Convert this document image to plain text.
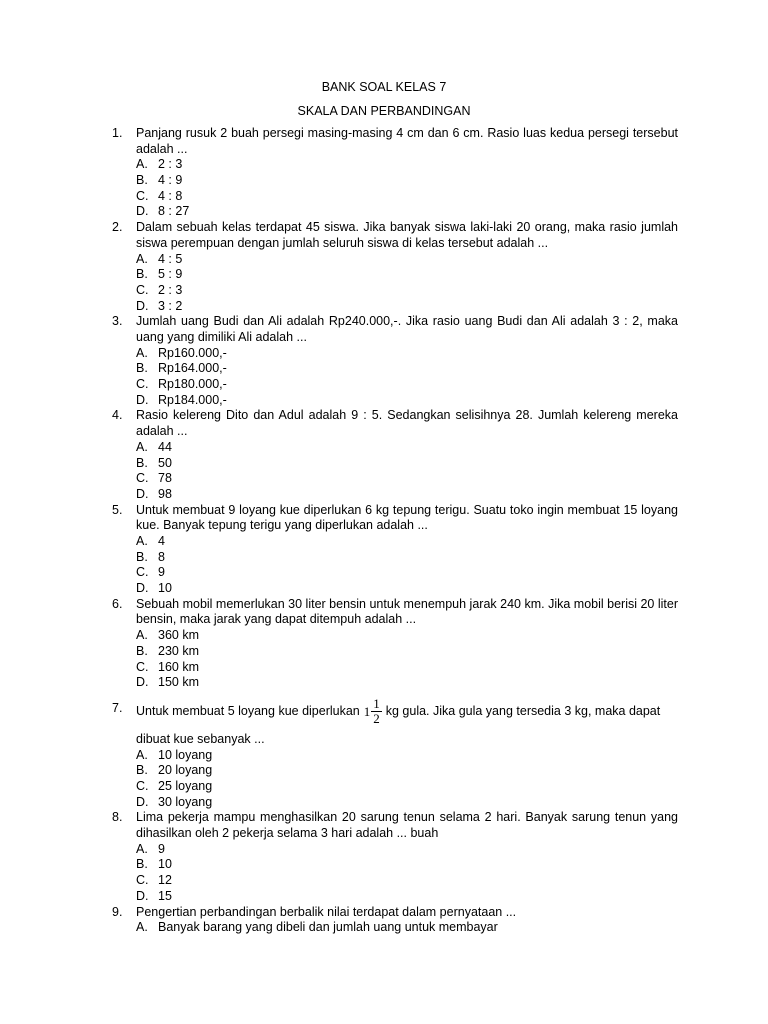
BANK SOAL KELAS 7
SKALA DAN PERBANDINGAN
1.	Panjang rusuk 2 buah persegi masing-masing 4 cm dan 6 cm. Rasio luas kedua persegi tersebut adalah ...
A. 2 : 3
B. 4 : 9
C. 4 : 8
D. 8 : 27
2.	Dalam sebuah kelas terdapat 45 siswa. Jika banyak siswa laki-laki 20 orang, maka rasio jumlah siswa perempuan dengan jumlah seluruh siswa di kelas tersebut adalah ...
A. 4 : 5
B. 5 : 9
C. 2 : 3
D. 3 : 2
3.	Jumlah uang Budi dan Ali adalah Rp240.000,-. Jika rasio uang Budi dan Ali adalah 3 : 2, maka uang yang dimiliki Ali adalah ...
A. Rp160.000,-
B. Rp164.000,-
C. Rp180.000,-
D. Rp184.000,-
4.	Rasio kelereng Dito dan Adul adalah 9 : 5. Sedangkan selisihnya 28. Jumlah kelereng mereka adalah ...
A. 44
B. 50
C. 78
D. 98
5.	Untuk membuat 9 loyang kue diperlukan 6 kg tepung terigu. Suatu toko ingin membuat 15 loyang kue. Banyak tepung terigu yang diperlukan adalah ...
A. 4
B. 8
C. 9
D. 10
6.	Sebuah mobil memerlukan 30 liter bensin untuk menempuh jarak 240 km. Jika mobil berisi 20 liter bensin, maka jarak yang dapat ditempuh adalah ...
A. 360 km
B. 230 km
C. 160 km
D. 150 km
7.	Untuk membuat 5 loyang kue diperlukan $1 \frac{1}{2}$ kg gula. Jika gula yang tersedia 3 kg, maka dapat
dibuat kue sebanyak ...
A. 10 loyang
B. 20 loyang
C. 25 loyang
D. 30 loyang
8.	Lima pekerja mampu menghasilkan 20 sarung tenun selama 2 hari. Banyak sarung tenun yang dihasilkan oleh 2 pekerja selama 3 hari adalah ... buah
A. 9
B. 10
C. 12
D. 15
9.	Pengertian perbandingan berbalik nilai terdapat dalam pernyataan ...
A. Banyak barang yang dibeli dan jumlah uang untuk membayar
